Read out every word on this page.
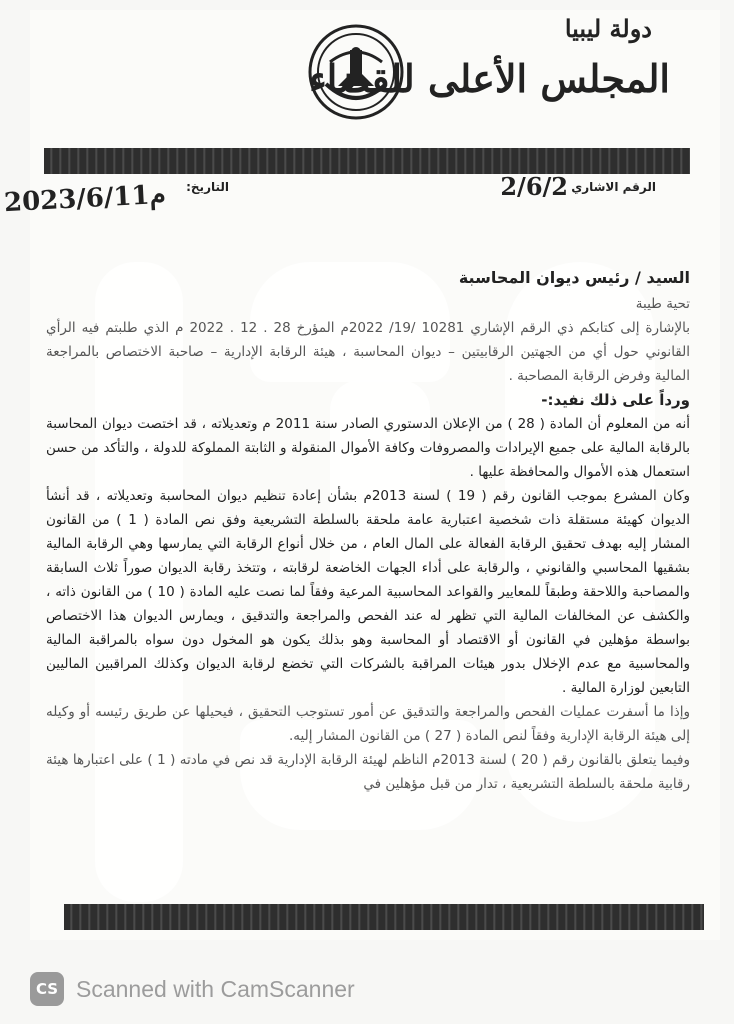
دولة ليبيا
المجلس الأعلى للقضاء
الرقم الاشاري
2/6/2
التاريخ:
2023/6/11م

السيد / رئيس ديوان المحاسبة

تحية طيبة

بالإشارة إلى كتابكم ذي الرقم الإشاري 10281 /19/ 2022م المؤرخ 28 . 12 . 2022 م الذي طلبتم فيه الرأي القانوني حول أي من الجهتين الرقابيتين – ديوان المحاسبة ، هيئة الرقابة الإدارية – صاحبة الاختصاص بالمراجعة المالية وفرض الرقابة المصاحبة .

ورداً على ذلك نفيد:-

أنه من المعلوم أن المادة ( 28 ) من الإعلان الدستوري الصادر سنة 2011 م وتعديلاته ، قد اختصت ديوان المحاسبة بالرقابة المالية على جميع الإيرادات والمصروفات وكافة الأموال المنقولة و الثابتة المملوكة للدولة ، والتأكد من حسن استعمال هذه الأموال والمحافظة عليها .

وكان المشرع بموجب القانون رقم ( 19 ) لسنة 2013م بشأن إعادة تنظيم ديوان المحاسبة وتعديلاته ، قد أنشأ الديوان كهيئة مستقلة ذات شخصية اعتبارية عامة ملحقة بالسلطة التشريعية وفق نص المادة ( 1 ) من القانون المشار إليه بهدف تحقيق الرقابة الفعالة على المال العام ، من خلال أنواع الرقابة التي يمارسها وهي الرقابة المالية بشقيها المحاسبي والقانوني ، والرقابة على أداء الجهات الخاضعة لرقابته ، وتتخذ رقابة الديوان صوراً ثلاث السابقة والمصاحبة واللاحقة وطبقاً للمعايير والقواعد المحاسبية المرعية وفقاً لما نصت عليه المادة ( 10 ) من القانون ذاته ، والكشف عن المخالفات المالية التي تظهر له عند الفحص والمراجعة والتدقيق ، ويمارس الديوان هذا الاختصاص بواسطة مؤهلين في القانون أو الاقتصاد أو المحاسبة وهو بذلك يكون هو المخول دون سواه بالمراقبة المالية والمحاسبية مع عدم الإخلال بدور هيئات المراقبة بالشركات التي تخضع لرقابة الديوان وكذلك المراقبين الماليين التابعين لوزارة المالية .

وإذا ما أسفرت عمليات الفحص والمراجعة والتدقيق عن أمور تستوجب التحقيق ، فيحيلها عن طريق رئيسه أو وكيله إلى هيئة الرقابة الإدارية وفقاً لنص المادة ( 27 ) من القانون المشار إليه.

وفيما يتعلق بالقانون رقم ( 20 ) لسنة 2013م الناظم لهيئة الرقابة الإدارية قد نص في مادته ( 1 ) على اعتبارها هيئة رقابية ملحقة بالسلطة التشريعية ، تدار من قبل مؤهلين في

CS Scanned with CamScanner
